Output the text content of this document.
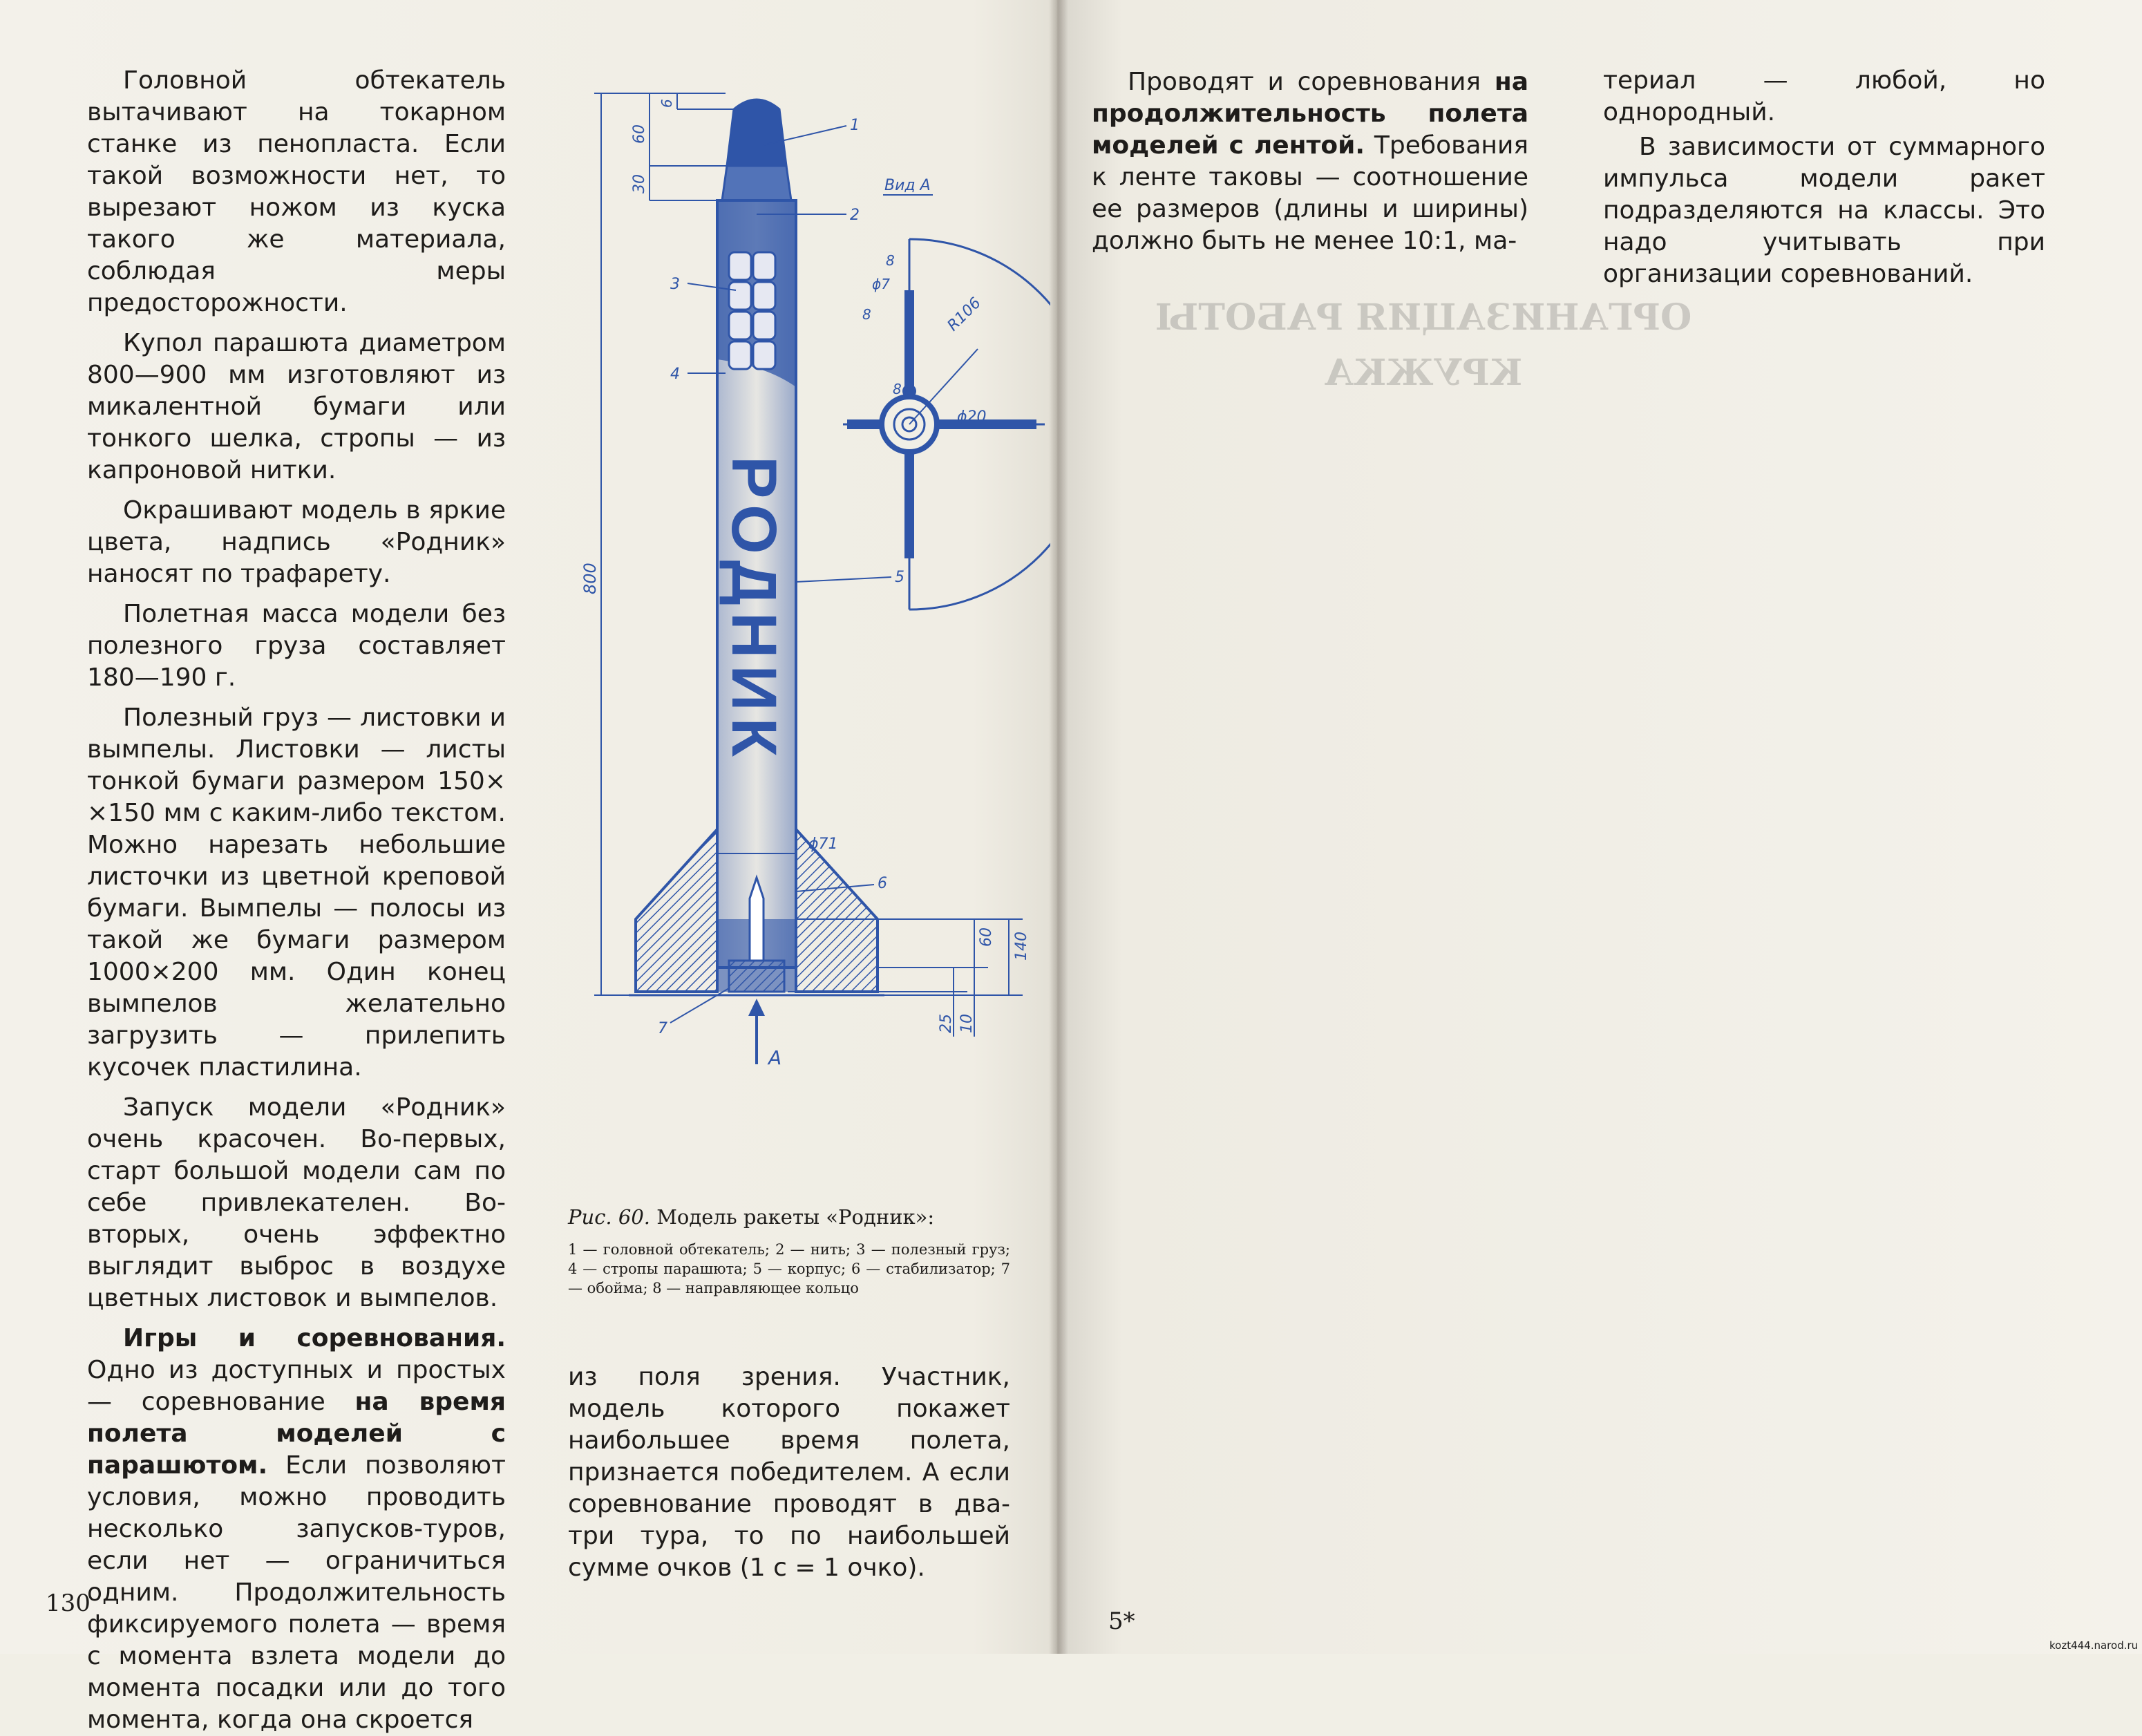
ОРГАНИЗАЦИЯ РАБОТЫ КРУЖКА

Головной обтекатель вытачивают на токарном станке из пенопласта. Если такой возможности нет, то вырезают ножом из куска такого же материала, соблюдая меры предосторожности.

Купол парашюта диаметром 800—900 мм изготовляют из микалентной бумаги или тонкого шелка, стропы — из капроновой нитки.

Окрашивают модель в яркие цвета, надпись «Родник» наносят по трафарету.

Полетная масса модели без полезного груза составляет 180—190 г.

Полезный груз — листовки и вымпелы. Листовки — листы тонкой бумаги размером 150× ×150 мм с каким-либо текстом. Можно нарезать небольшие листочки из цветной креповой бумаги. Вымпелы — полосы из такой же бумаги размером 1000×200 мм. Один конец вымпелов желательно загрузить — прилепить кусочек пластилина.

Запуск модели «Родник» очень красочен. Во-первых, старт большой модели сам по себе привлекателен. Во-вторых, очень эффектно выглядит выброс в воздухе цветных листовок и вымпелов.

Игры и соревнования. Одно из доступных и простых — соревнование на время полета моделей с парашютом. Если позволяют условия, можно проводить несколько запусков-туров, если нет — ограничиться одним. Продолжительность фиксируемого полета — время с момента взлета модели до момента посадки или до того момента, когда она скроется

РОДНИК
А
6
60
30
800
ϕ71
140
60
25 10
1
2
3
4
5
6
7
Вид А
8
ϕ7
8	R106
ϕ20
8
Рис. 60. Модель ракеты «Родник»:
1 — головной обтекатель; 2 — нить; 3 — полезный груз; 4 — стропы парашюта; 5 — корпус; 6 — стабилизатор; 7 — обойма; 8 — направляющее кольцо

из поля зрения. Участник, модель которого покажет наибольшее время полета, признается победителем. А если соревнование проводят в два-три тура, то по наибольшей сумме очков (1 с = 1 очко).

130

Проводят и соревнования на продолжительность полета моделей с лентой. Требования к ленте таковы — соотношение ее размеров (длины и ширины) должно быть не менее 10:1, ма-

териал — любой, но однородный.

В зависимости от суммарного импульса модели ракет подразделяются на классы. Это надо учитывать при организации соревнований.

5*
kozt444.narod.ru
